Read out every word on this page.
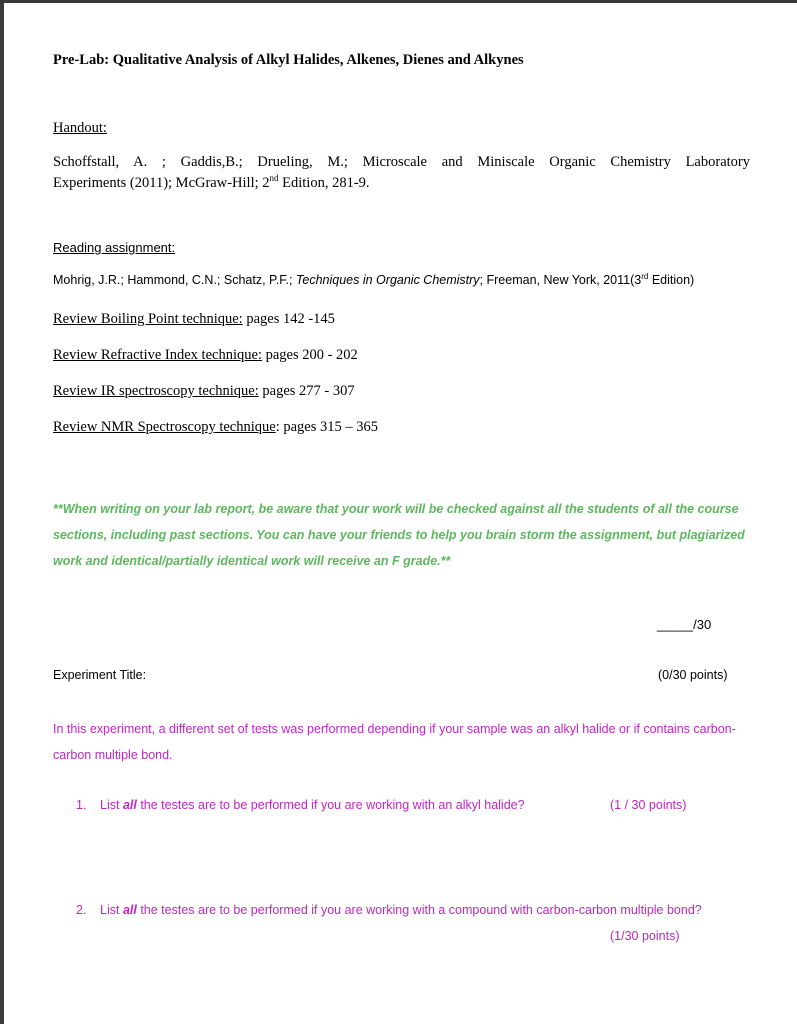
Pre-Lab: Qualitative Analysis of Alkyl Halides, Alkenes, Dienes and Alkynes
Handout:
Schoffstall, A. ; Gaddis,B.; Drueling, M.; Microscale and Miniscale Organic Chemistry Laboratory
Experiments (2011); McGraw-Hill; 2nd Edition, 281-9.
Reading assignment:
Mohrig, J.R.; Hammond, C.N.; Schatz, P.F.; Techniques in Organic Chemistry; Freeman, New York, 2011(3rd Edition)
Review Boiling Point technique: pages 142 -145
Review Refractive Index technique: pages 200 - 202
Review IR spectroscopy technique: pages 277 - 307
Review NMR Spectroscopy technique: pages 315 – 365
**When writing on your lab report, be aware that your work will be checked against all the students of all the course sections, including past sections. You can have your friends to help you brain storm the assignment, but plagiarized work and identical/partially identical work will receive an F grade.**
_____/30
Experiment Title:	(0/30 points)
In this experiment, a different set of tests was performed depending if your sample was an alkyl halide or if contains carbon-carbon multiple bond.
1. List all the testes are to be performed if you are working with an alkyl halide?	(1 / 30 points)
2. List all the testes are to be performed if you are working with a compound with carbon-carbon multiple bond?
(1/30 points)
